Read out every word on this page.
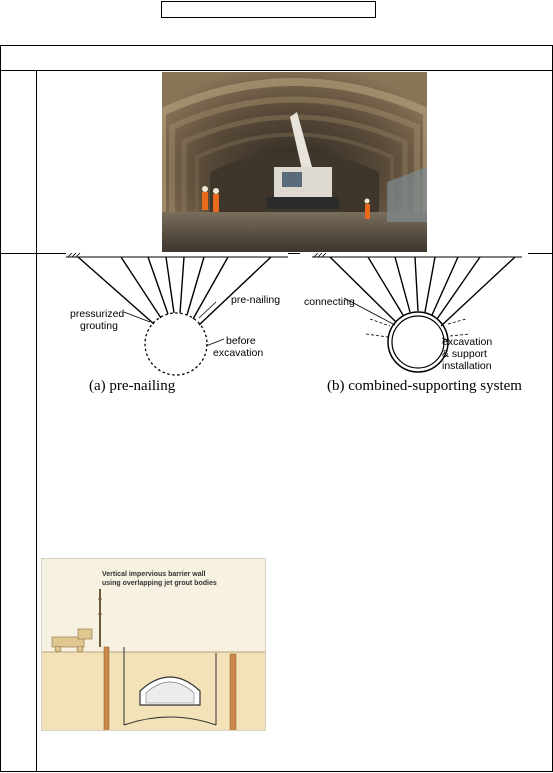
pressurized
grouting
pre-nailing
before
excavation
(a) pre-nailing
connecting
excavation
& support
installation
(b) combined-supporting system
Vertical impervious barrier wall
using overlapping jet grout bodies
